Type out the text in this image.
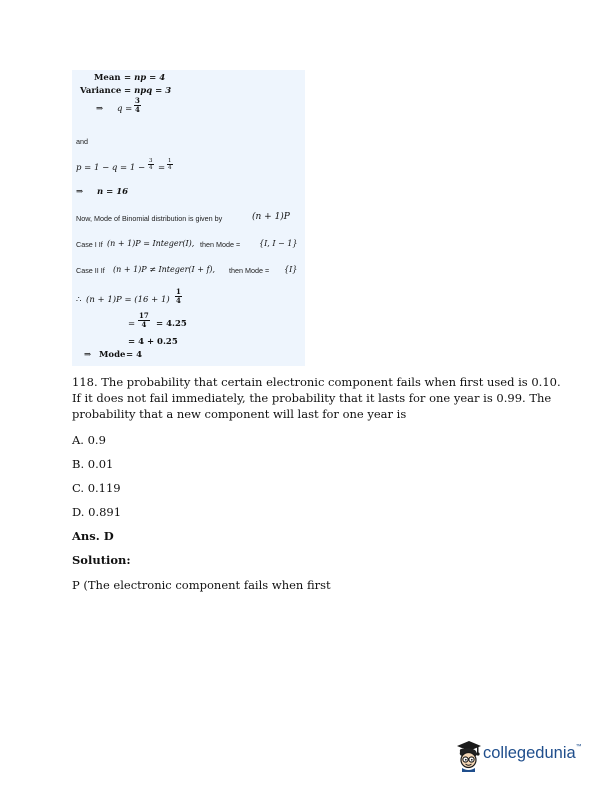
Mean = np = 4
Variance = npq = 3
⇒ $q = \frac{3}{4}$
and
$p = 1 - q = 1 - \frac{3}{4} = \frac{1}{4}$
⇒ n = 16
Now, Mode of Binomial distribution is given by	(n + 1)P
Case I If (n + 1)P = Integer(I), then Mode = {I, I − 1}
Case II If (n + 1)P ≠ Integer(I + f), then Mode = {I}
∴ $(n + 1)P = (16 + 1) \frac{1}{4}$
= $\frac{17}{4} = 4.25$
= 4 + 0.25
⇒ Mode = 4
118. The probability that certain electronic component fails when first used is 0.10.
If it does not fail immediately, the probability that it lasts for one year is 0.99. The
probability that a new component will last for one year is
A. 0.9
B. 0.01
C. 0.119
D. 0.891
Ans. D
Solution:
P (The electronic component fails when first
collegedunia™
